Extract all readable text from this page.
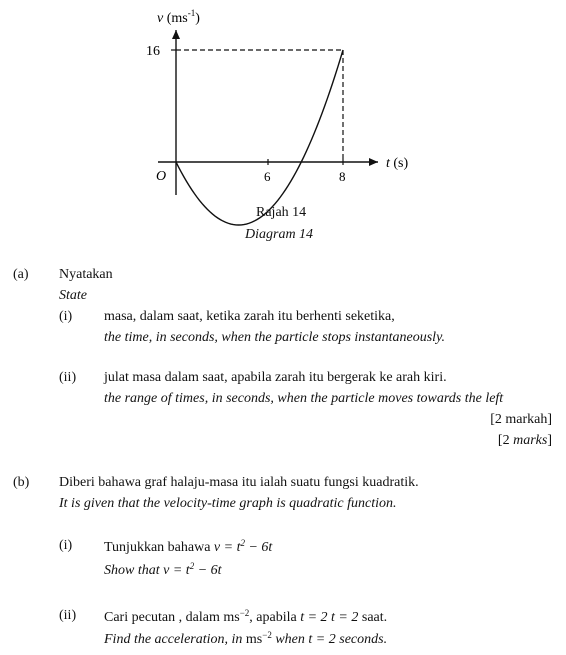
v $(ms^{-1})$
16
t (s)
O	6	8
Rajah 14
Diagram 14
(a) Nyatakan
State
(i) masa, dalam saat, ketika zarah itu berhenti seketika,
the time, in seconds, when the particle stops instantaneously.
(ii) julat masa dalam saat, apabila zarah itu bergerak ke arah kiri.
the range of times, in seconds, when the particle moves towards the left
[2 markah]
[2 marks]
(b) Diberi bahawa graf halaju-masa itu ialah suatu fungsi kuadratik.
It is given that the velocity-time graph is quadratic function.
(i) Tunjukkan bahawa $v = t^2 - 6t$
Show that $v = t^2 - 6t$
(ii) Cari pecutan , dalam $ms^{-2}$, apabila t = 2 t = 2 saat.
Find the acceleration, in $ms^{-2}$ when t = 2 seconds.
